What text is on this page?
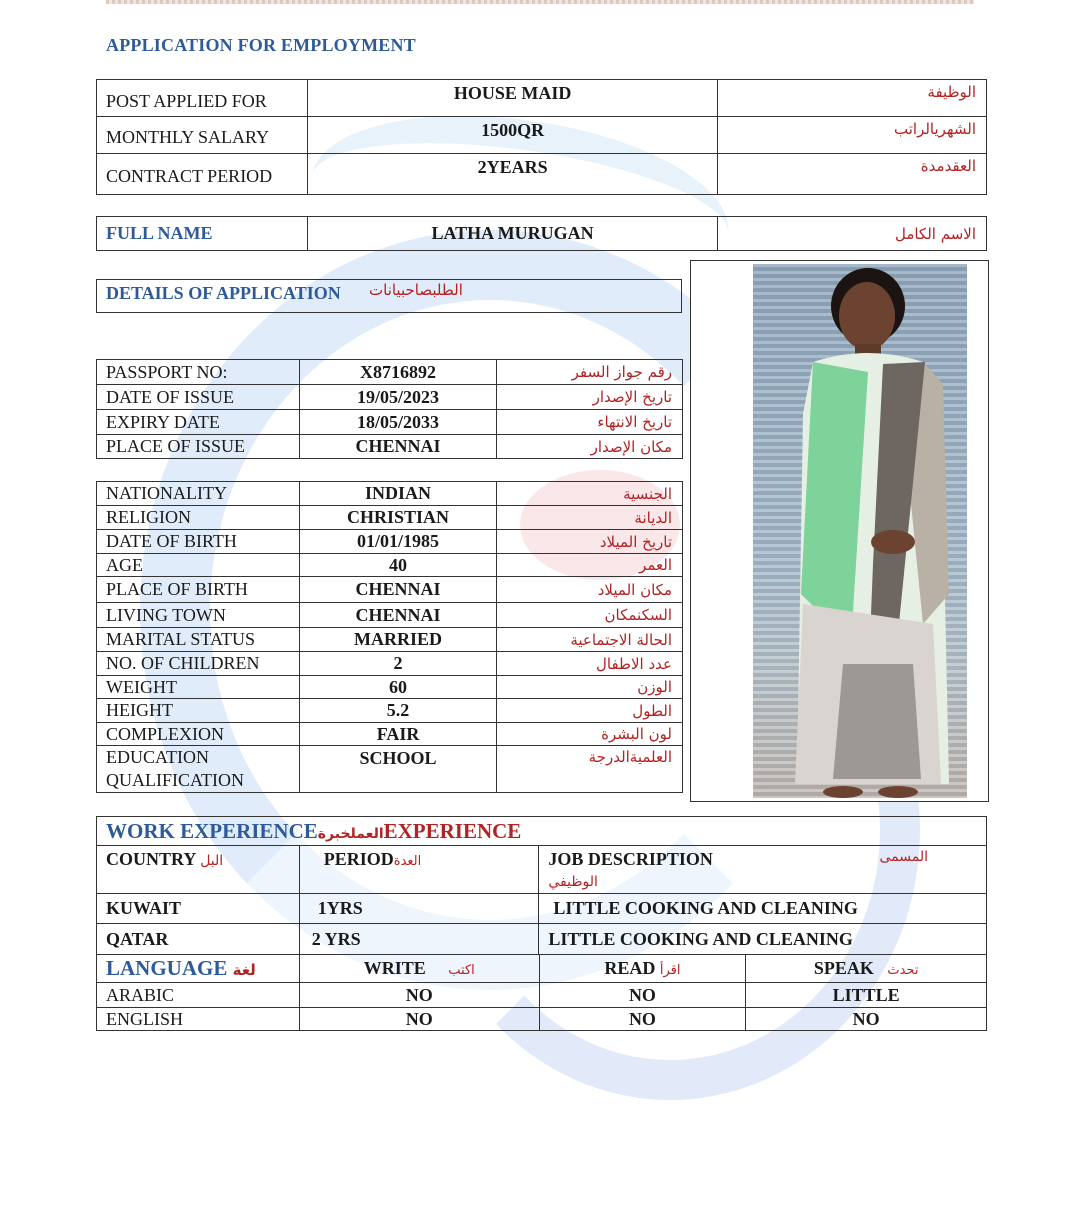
APPLICATION FOR EMPLOYMENT
POST APPLIED FOR	HOUSE MAID	الوظيفة
MONTHLY SALARY	1500QR	الشهريالراتب
CONTRACT PERIOD	2YEARS	العقدمدة
FULL NAME	LATHA MURUGAN	الاسم الكامل
DETAILS OF APPLICATION الطلبصاحبيانات
PASSPORT NO:	X8716892	رقم جواز السفر
DATE OF ISSUE	19/05/2023	تاريخ الإصدار
EXPIRY DATE	18/05/2033	تاريخ الانتهاء
PLACE OF ISSUE	CHENNAI	مكان الإصدار
NATIONALITY	INDIAN	الجنسية
RELIGION	CHRISTIAN	الديانة
DATE OF BIRTH	01/01/1985	تاريخ الميلاد
AGE	40	العمر
PLACE OF BIRTH	CHENNAI	مكان الميلاد
LIVING TOWN	CHENNAI	السكنمكان
MARITAL STATUS	MARRIED	الحالة الاجتماعية
NO. OF CHILDREN	2	عدد الاطفال
WEIGHT	60	الوزن
HEIGHT	5.2	الطول
COMPLEXION	FAIR	لون البشرة
EDUCATION
QUALIFICATION	SCHOOL	العلميةالدرجة
WORK EXPERIENCEالعملخبرةEXPERIENCE		
COUNTRY البل	PERIODالعدة	JOB DESCRIPTION المسمى

الوظيفي
KUWAIT	1YRS	LITTLE COOKING AND CLEANING
QATAR	2 YRS	LITTLE COOKING AND CLEANING
LANGUAGE لغة	WRITE اكتب	READ اقرأ	SPEAK تحدث
ARABIC	NO	NO	LITTLE
ENGLISH	NO	NO	NO
